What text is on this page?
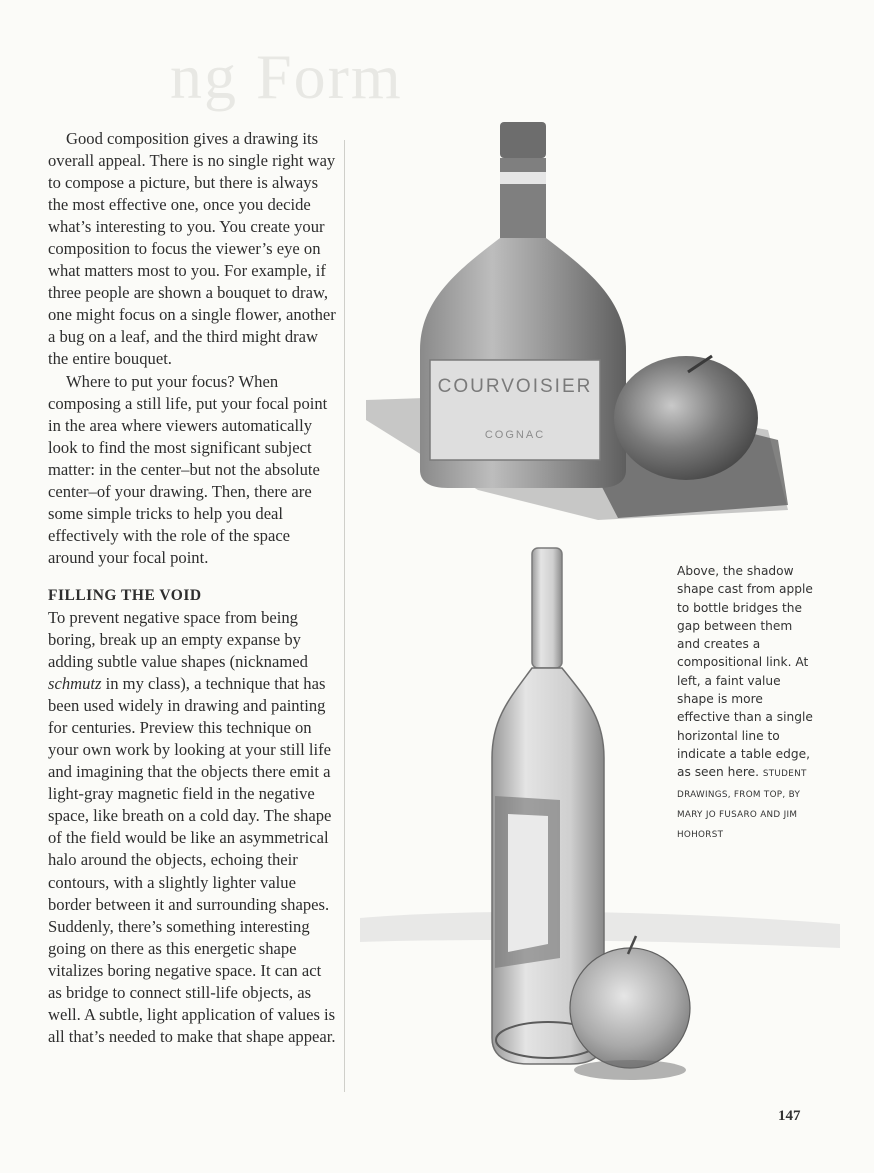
ng Form

Good composition gives a drawing its overall appeal. There is no single right way to compose a picture, but there is always the most effective one, once you decide what’s interesting to you. You create your composition to focus the viewer’s eye on what matters most to you. For example, if three people are shown a bouquet to draw, one might focus on a single flower, another a bug on a leaf, and the third might draw the entire bouquet.

Where to put your focus? When composing a still life, put your focal point in the area where viewers automatically look to find the most significant subject matter: in the center–but not the absolute center–of your drawing. Then, there are some simple tricks to help you deal effectively with the role of the space around your focal point.

FILLING THE VOID

To prevent negative space from being boring, break up an empty expanse by adding subtle value shapes (nicknamed schmutz in my class), a technique that has been used widely in drawing and painting for centuries. Preview this technique on your own work by looking at your still life and imagining that the objects there emit a light-gray magnetic field in the negative space, like breath on a cold day. The shape of the field would be like an asymmetrical halo around the objects, echoing their contours, with a slightly lighter value border between it and surrounding shapes. Suddenly, there’s something interesting going on there as this energetic shape vitalizes boring negative space. It can act as bridge to connect still-life objects, as well. A subtle, light application of values is all that’s needed to make that shape appear.

COURVOISIER
COGNAC
Above, the shadow shape cast from apple to bottle bridges the gap between them and creates a compositional link. At left, a faint value shape is more effective than a single horizontal line to indicate a table edge, as seen here. STUDENT DRAWINGS, FROM TOP, BY MARY JO FUSARO AND JIM HOHORST
147
